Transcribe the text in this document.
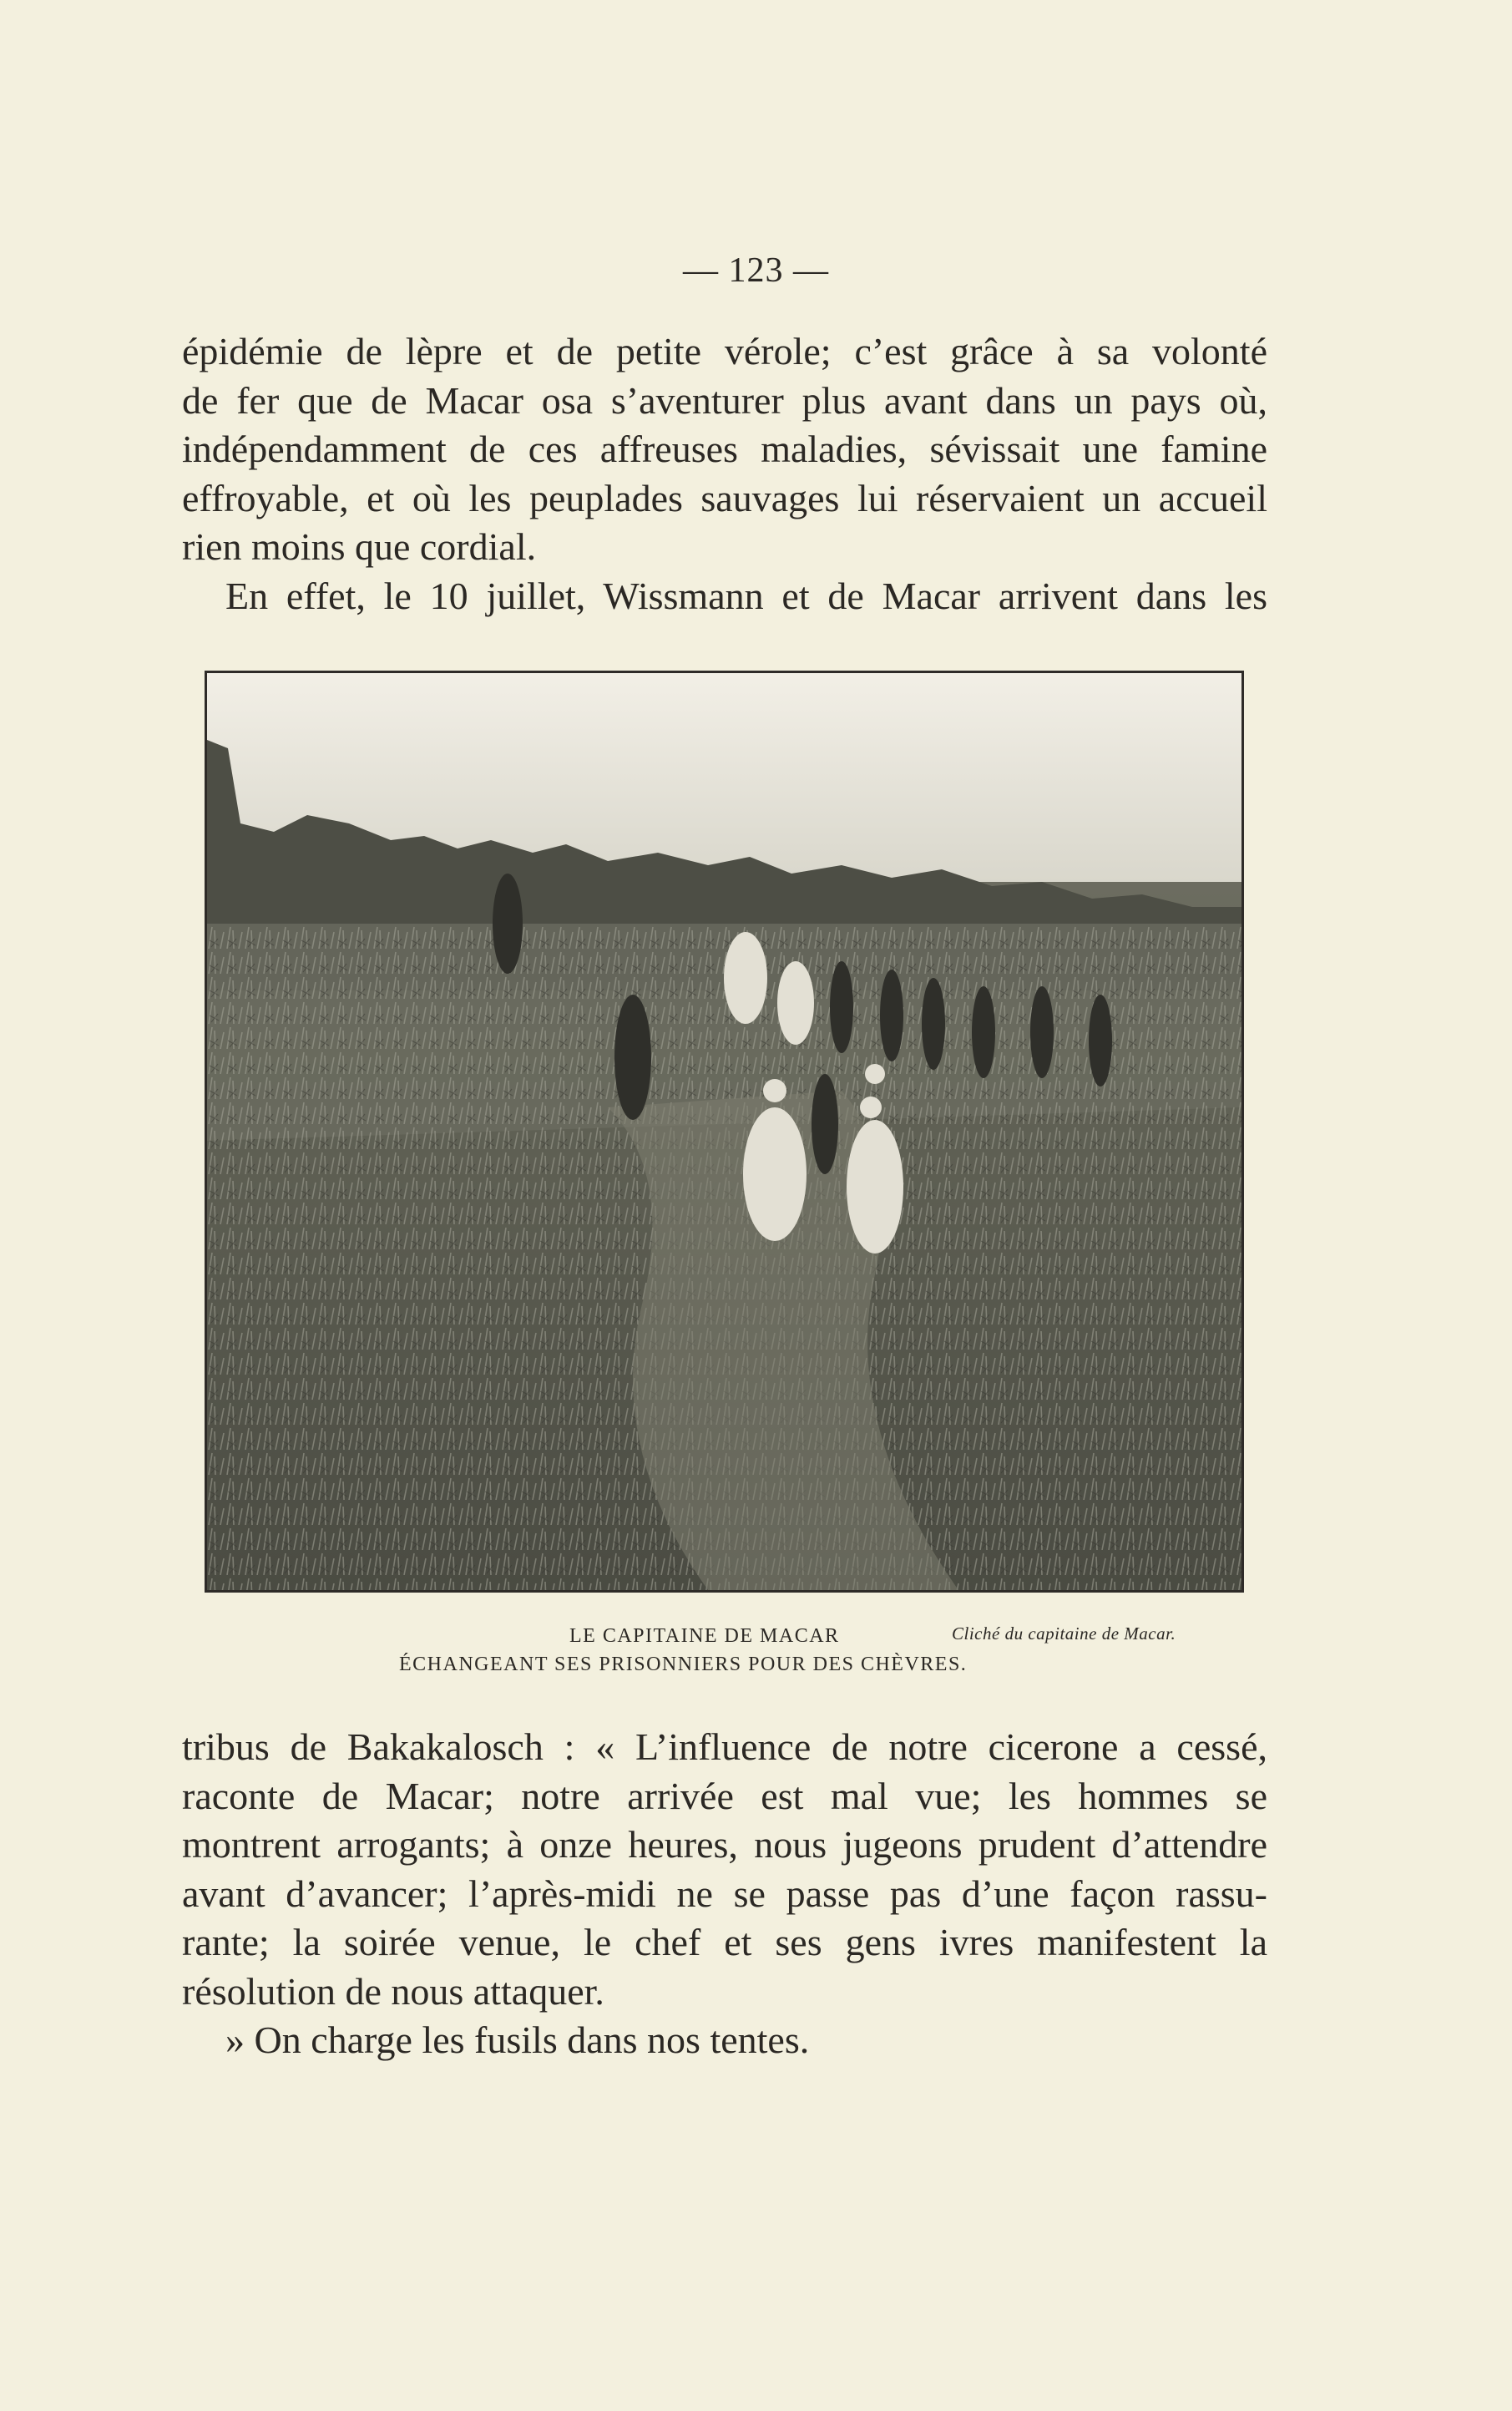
— 123 —
épidémie de lèpre et de petite vérole; c’est grâce à sa volonté
de fer que de Macar osa s’aventurer plus avant dans un pays où,
indépendamment de ces affreuses maladies, sévissait une famine
effroyable, et où les peuplades sauvages lui réservaient un accueil
rien moins que cordial.
En effet, le 10 juillet, Wissmann et de Macar arrivent dans les
LE CAPITAINE DE MACAR	Cliché du capitaine de Macar.
ÉCHANGEANT SES PRISONNIERS POUR DES CHÈVRES.
tribus de Bakakalosch : « L’influence de notre cicerone a cessé,
raconte de Macar; notre arrivée est mal vue; les hommes se
montrent arrogants; à onze heures, nous jugeons prudent d’attendre
avant d’avancer; l’après-midi ne se passe pas d’une façon rassu-
rante; la soirée venue, le chef et ses gens ivres manifestent la
résolution de nous attaquer.
» On charge les fusils dans nos tentes.
